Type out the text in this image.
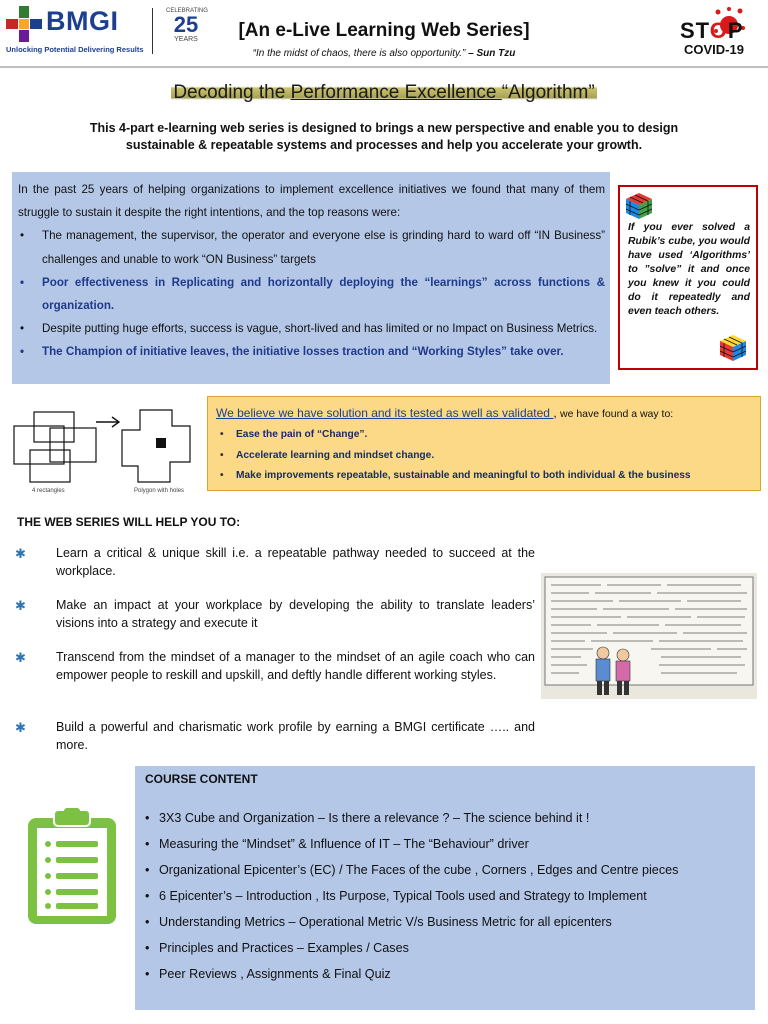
BMGI
Unlocking Potential Delivering Results
CELEBRATING
25
YEARS	[An e-Live Learning Web Series]
“In the midst of chaos, there is also opportunity.” – Sun Tzu
STOP
COVID-19
Decoding the Performance Excellence “Algorithm”
This 4-part e-learning web series is designed to brings a new perspective and enable you to design sustainable & repeatable systems and processes and help you accelerate your growth.

In the past 25 years of helping organizations to implement excellence initiatives we found that many of them struggle to sustain it despite the right intentions, and the top reasons were:

• The management, the supervisor, the operator and everyone else is grinding hard to ward off “IN Business” challenges and unable to work “ON Business” targets
• Poor effectiveness in Replicating and horizontally deploying the “learnings” across functions & organization.
• Despite putting huge efforts, success is vague, short-lived and has limited or no Impact on Business Metrics.
• The Champion of initiative leaves, the initiative losses traction and “Working Styles” take over.
If you ever solved a Rubik’s cube, you would have used ‘Algorithms’ to ”solve” it and once you knew it you could do it repeatedly and even teach others.
4 rectangles	Polygon with holes
We believe we have solution and its tested as well as validated , we have found a way to:
• Ease the pain of “Change”.
• Accelerate learning and mindset change.
• Make improvements repeatable, sustainable and meaningful to both individual & the business
THE WEB SERIES WILL HELP YOU TO:
✱ Learn a critical & unique skill i.e. a repeatable pathway needed to succeed at the workplace.
✱ Make an impact at your workplace by developing the ability to translate leaders’ visions into a strategy and execute it
✱ Transcend from the mindset of a manager to the mindset of an agile coach who can empower people to reskill and upskill, and deftly handle different working styles.
✱ Build a powerful and charismatic work profile by earning a BMGI certificate ….. and more.
COURSE CONTENT
• 3X3 Cube and Organization – Is there a relevance ? – The science behind it !
• Measuring the “Mindset” & Influence of IT – The “Behaviour” driver
• Organizational Epicenter’s (EC) / The Faces of the cube , Corners , Edges and Centre pieces
• 6 Epicenter’s – Introduction , Its Purpose, Typical Tools used and Strategy to Implement
• Understanding Metrics – Operational Metric V/s Business Metric for all epicenters
• Principles and Practices – Examples / Cases
• Peer Reviews , Assignments & Final Quiz
